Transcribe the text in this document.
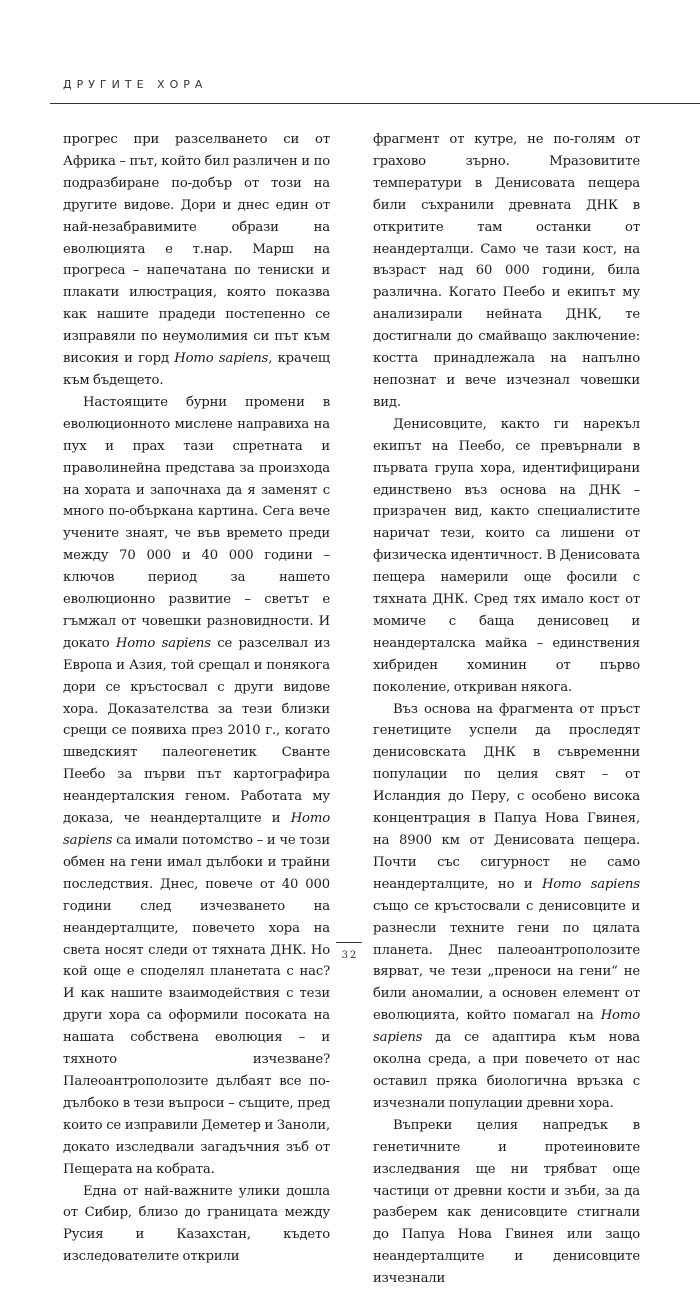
ДРУГИТЕ ХОРА

прогрес при разселването си от Африка – път, който бил различен и по подразбиране по-добър от този на другите видове. Дори и днес един от най-незабравимите образи на еволюцията е т.нар. Марш на прогреса – напечатана по тениски и плакати илюстрация, която показва как нашите прадеди постепенно се изправяли по неумолимия си път към високия и горд Homo sapiens, крачещ към бъдещето.

Настоящите бурни промени в еволюционното мислене направиха на пух и прах тази спретната и праволинейна представа за произхода на хората и започнаха да я заменят с много по-объркана картина. Сега вече учените знаят, че във времето преди между 70 000 и 40 000 години – ключов период за нашето еволюционно развитие – светът е гъмжал от човешки разновидности. И докато Homo sapiens се разселвал из Европа и Азия, той срещал и понякога дори се кръстосвал с други видове хора. Доказателства за тези близки срещи се появиха през 2010 г., когато шведският палеогенетик Сванте Пеебо за първи път картографира неандерталския геном. Работата му доказа, че неандерталците и Homo sapiens са имали потомство – и че този обмен на гени имал дълбоки и трайни последствия. Днес, повече от 40 000 години след изчезването на неандерталците, повечето хора на света носят следи от тяхната ДНК. Но кой още е споделял планетата с нас? И как нашите взаимодействия с тези други хора са оформили посоката на нашата собствена еволюция – и тяхното изчезване? Палеоантрополозите дълбаят все по-дълбоко в тези въпроси – същите, пред които се изправили Деметер и Заноли, докато изследвали загадъчния зъб от Пещерата на кобрата.

Една от най-важните улики дошла от Сибир, близо до границата между Русия и Казахстан, където изследователите открили

фрагмент от кутре, не по-голям от граховo зърно. Мразовитите температури в Денисовата пещера били съхранили древната ДНК в откритите там останки от неандерталци. Само че тази кост, на възраст над 60 000 години, била различна. Когато Пеебо и екипът му анализирали нейната ДНК, те достигнали до смайващо заключение: костта принадлежала на напълно непознат и вече изчезнал човешки вид.

Денисовците, както ги нарекъл екипът на Пеебо, се превърнали в първата група хора, идентифицирани единствено въз основа на ДНК – призрачен вид, както специалистите наричат тези, които са лишени от физическа идентичност. В Денисовата пещера намерили още фосили с тяхната ДНК. Сред тях имало кост от момиче с баща денисовец и неандерталска майка – единствения хибриден хоминин от първо поколение, откриван някога.

Въз основа на фрагмента от пръст генетиците успели да проследят денисовската ДНК в съвременни популации по целия свят – от Исландия до Перу, с особено висока концентрация в Папуа Нова Гвинея, на 8900 км от Денисовата пещера. Почти със сигурност не само неандерталците, но и Homo sapiens също се кръстосвали с денисовците и разнесли техните гени по цялата планета. Днес палеоантрополозите вярват, че тези „преноси на гени“ не били аномалии, а основен елемент от еволюцията, който помагал на Homo sapiens да се адаптира към нова околна среда, а при повечето от нас оставил пряка биологична връзка с изчезнали популации древни хора.

Въпреки целия напредък в генетичните и протеиновите изследвания ще ни трябват още частици от древни кости и зъби, за да разберем как денисовците стигнали до Папуа Нова Гвинея или защо неандерталците и денисовците изчезнали

32
